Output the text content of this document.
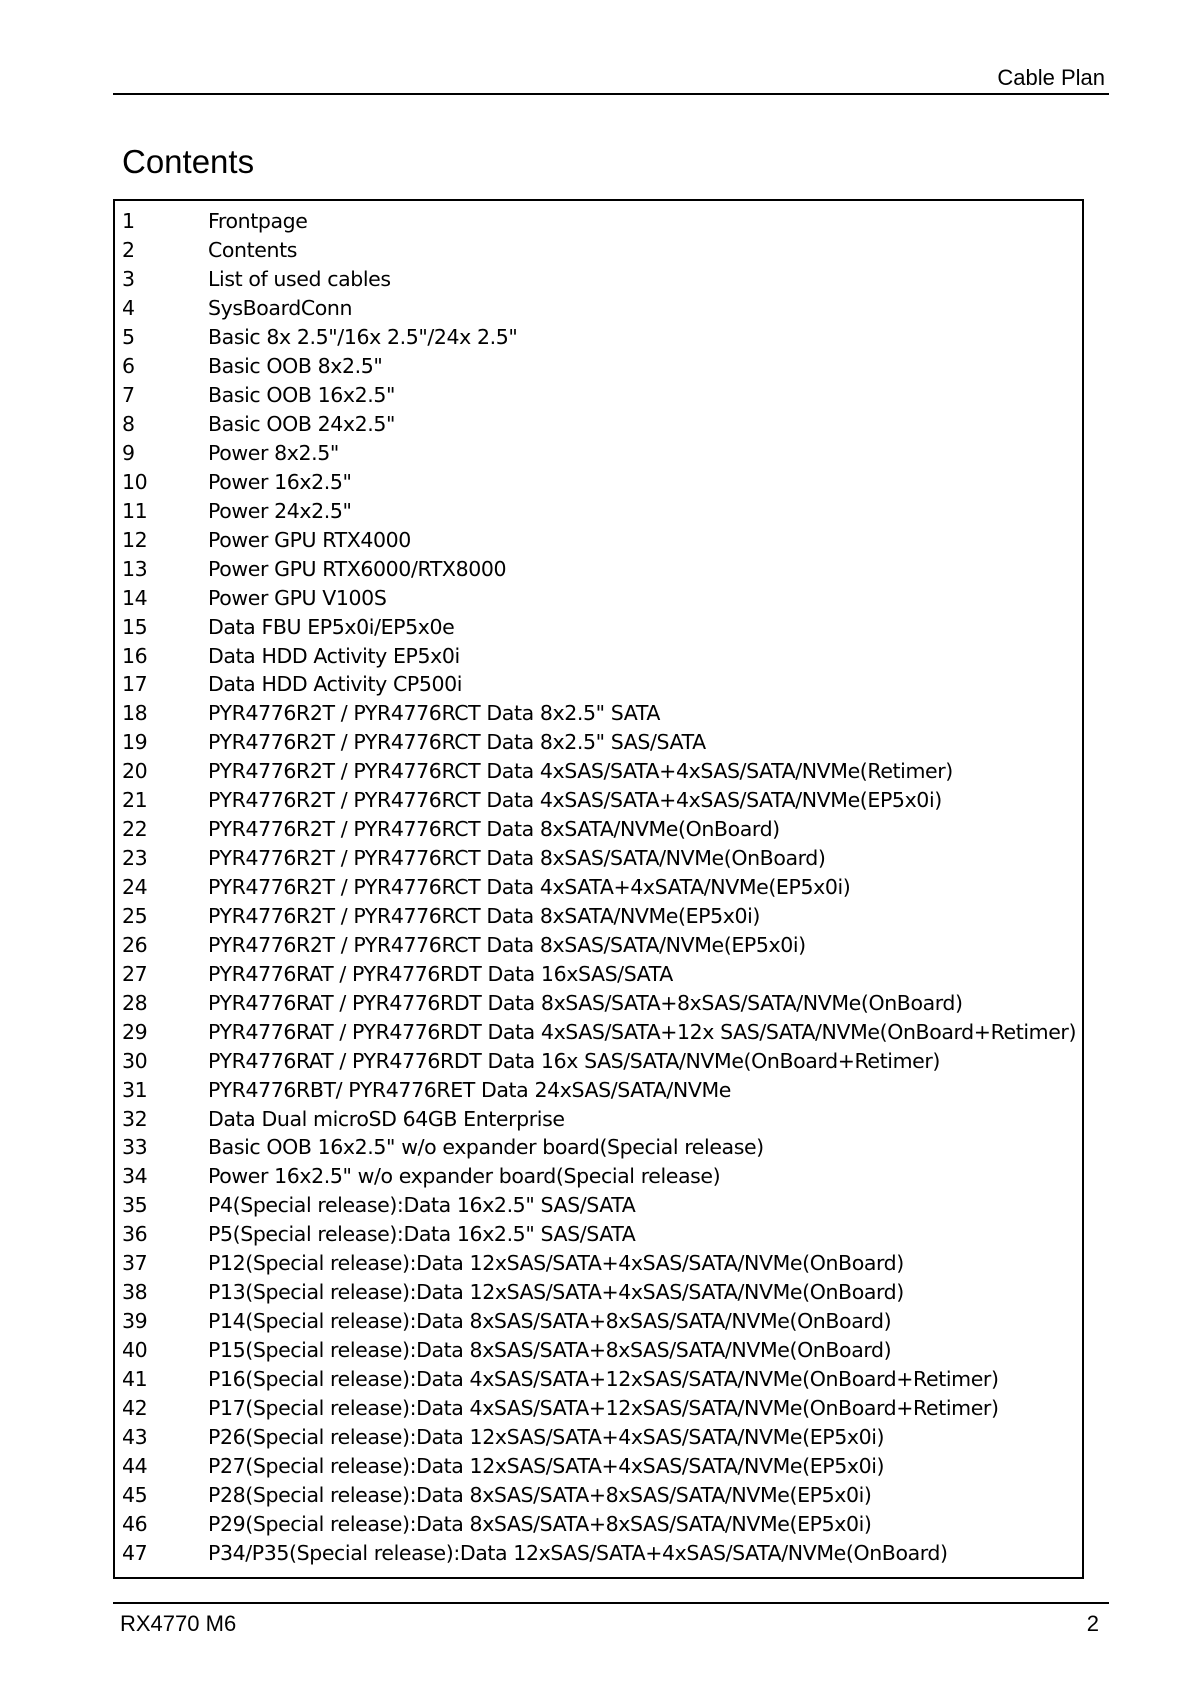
Cable Plan
Contents
1	Frontpage
2	Contents
3	List of used cables
4	SysBoardConn
5	Basic 8x 2.5"/16x 2.5"/24x 2.5"
6	Basic OOB 8x2.5"
7	Basic OOB 16x2.5"
8	Basic OOB 24x2.5"
9	Power 8x2.5"
10	Power 16x2.5"
11	Power 24x2.5"
12	Power GPU RTX4000
13	Power GPU RTX6000/RTX8000
14	Power GPU V100S
15	Data FBU EP5x0i/EP5x0e
16	Data HDD Activity EP5x0i
17	Data HDD Activity CP500i
18	PYR4776R2T / PYR4776RCT Data 8x2.5" SATA
19	PYR4776R2T / PYR4776RCT Data 8x2.5" SAS/SATA
20	PYR4776R2T / PYR4776RCT Data 4xSAS/SATA+4xSAS/SATA/NVMe(Retimer)
21	PYR4776R2T / PYR4776RCT Data 4xSAS/SATA+4xSAS/SATA/NVMe(EP5x0i)
22	PYR4776R2T / PYR4776RCT Data 8xSATA/NVMe(OnBoard)
23	PYR4776R2T / PYR4776RCT Data 8xSAS/SATA/NVMe(OnBoard)
24	PYR4776R2T / PYR4776RCT Data 4xSATA+4xSATA/NVMe(EP5x0i)
25	PYR4776R2T / PYR4776RCT Data 8xSATA/NVMe(EP5x0i)
26	PYR4776R2T / PYR4776RCT Data 8xSAS/SATA/NVMe(EP5x0i)
27	PYR4776RAT / PYR4776RDT Data 16xSAS/SATA
28	PYR4776RAT / PYR4776RDT Data 8xSAS/SATA+8xSAS/SATA/NVMe(OnBoard)
29	PYR4776RAT / PYR4776RDT Data 4xSAS/SATA+12x SAS/SATA/NVMe(OnBoard+Retimer)
30	PYR4776RAT / PYR4776RDT Data 16x SAS/SATA/NVMe(OnBoard+Retimer)
31	PYR4776RBT/ PYR4776RET Data 24xSAS/SATA/NVMe
32	Data Dual microSD 64GB Enterprise
33	Basic OOB 16x2.5" w/o expander board(Special release)
34	Power 16x2.5" w/o expander board(Special release)
35	P4(Special release):Data 16x2.5" SAS/SATA
36	P5(Special release):Data 16x2.5" SAS/SATA
37	P12(Special release):Data 12xSAS/SATA+4xSAS/SATA/NVMe(OnBoard)
38	P13(Special release):Data 12xSAS/SATA+4xSAS/SATA/NVMe(OnBoard)
39	P14(Special release):Data 8xSAS/SATA+8xSAS/SATA/NVMe(OnBoard)
40	P15(Special release):Data 8xSAS/SATA+8xSAS/SATA/NVMe(OnBoard)
41	P16(Special release):Data 4xSAS/SATA+12xSAS/SATA/NVMe(OnBoard+Retimer)
42	P17(Special release):Data 4xSAS/SATA+12xSAS/SATA/NVMe(OnBoard+Retimer)
43	P26(Special release):Data 12xSAS/SATA+4xSAS/SATA/NVMe(EP5x0i)
44	P27(Special release):Data 12xSAS/SATA+4xSAS/SATA/NVMe(EP5x0i)
45	P28(Special release):Data 8xSAS/SATA+8xSAS/SATA/NVMe(EP5x0i)
46	P29(Special release):Data 8xSAS/SATA+8xSAS/SATA/NVMe(EP5x0i)
47	P34/P35(Special release):Data 12xSAS/SATA+4xSAS/SATA/NVMe(OnBoard)
RX4770 M6	2
